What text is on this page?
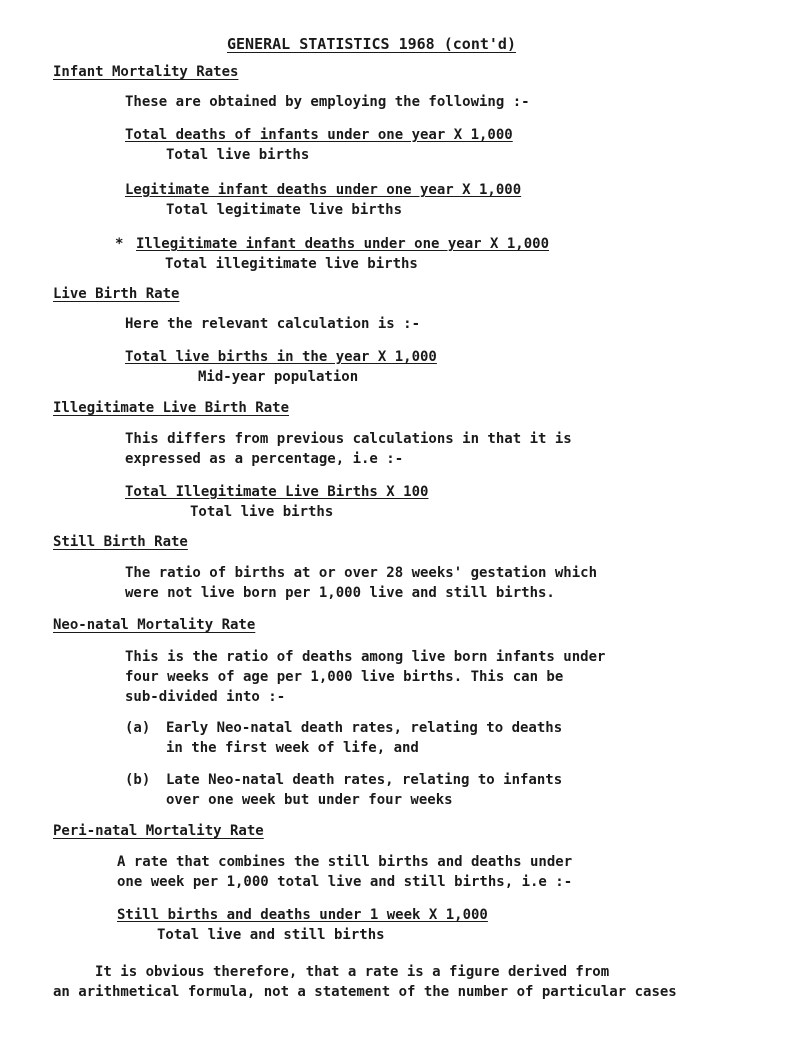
GENERAL STATISTICS 1968 (cont'd)
Infant Mortality Rates
These are obtained by employing the following :-
Total deaths of infants under one year X 1,000
Total live births
Legitimate infant deaths under one year X 1,000
Total legitimate live births
* Illegitimate infant deaths under one year X 1,000
Total illegitimate live births
Live Birth Rate
Here the relevant calculation is :-
Total live births in the year X 1,000
Mid-year population
Illegitimate Live Birth Rate
This differs from previous calculations in that it is
expressed as a percentage, i.e :-
Total Illegitimate Live Births X 100
Total live births
Still Birth Rate
The ratio of births at or over 28 weeks' gestation which
were not live born per 1,000 live and still births.
Neo-natal Mortality Rate
This is the ratio of deaths among live born infants under
four weeks of age per 1,000 live births. This can be
sub-divided into :-
(a) Early Neo-natal death rates, relating to deaths
in the first week of life, and
(b) Late Neo-natal death rates, relating to infants
over one week but under four weeks
Peri-natal Mortality Rate
A rate that combines the still births and deaths under
one week per 1,000 total live and still births, i.e :-
Still births and deaths under 1 week X 1,000
Total live and still births
It is obvious therefore, that a rate is a figure derived from
an arithmetical formula, not a statement of the number of particular cases
